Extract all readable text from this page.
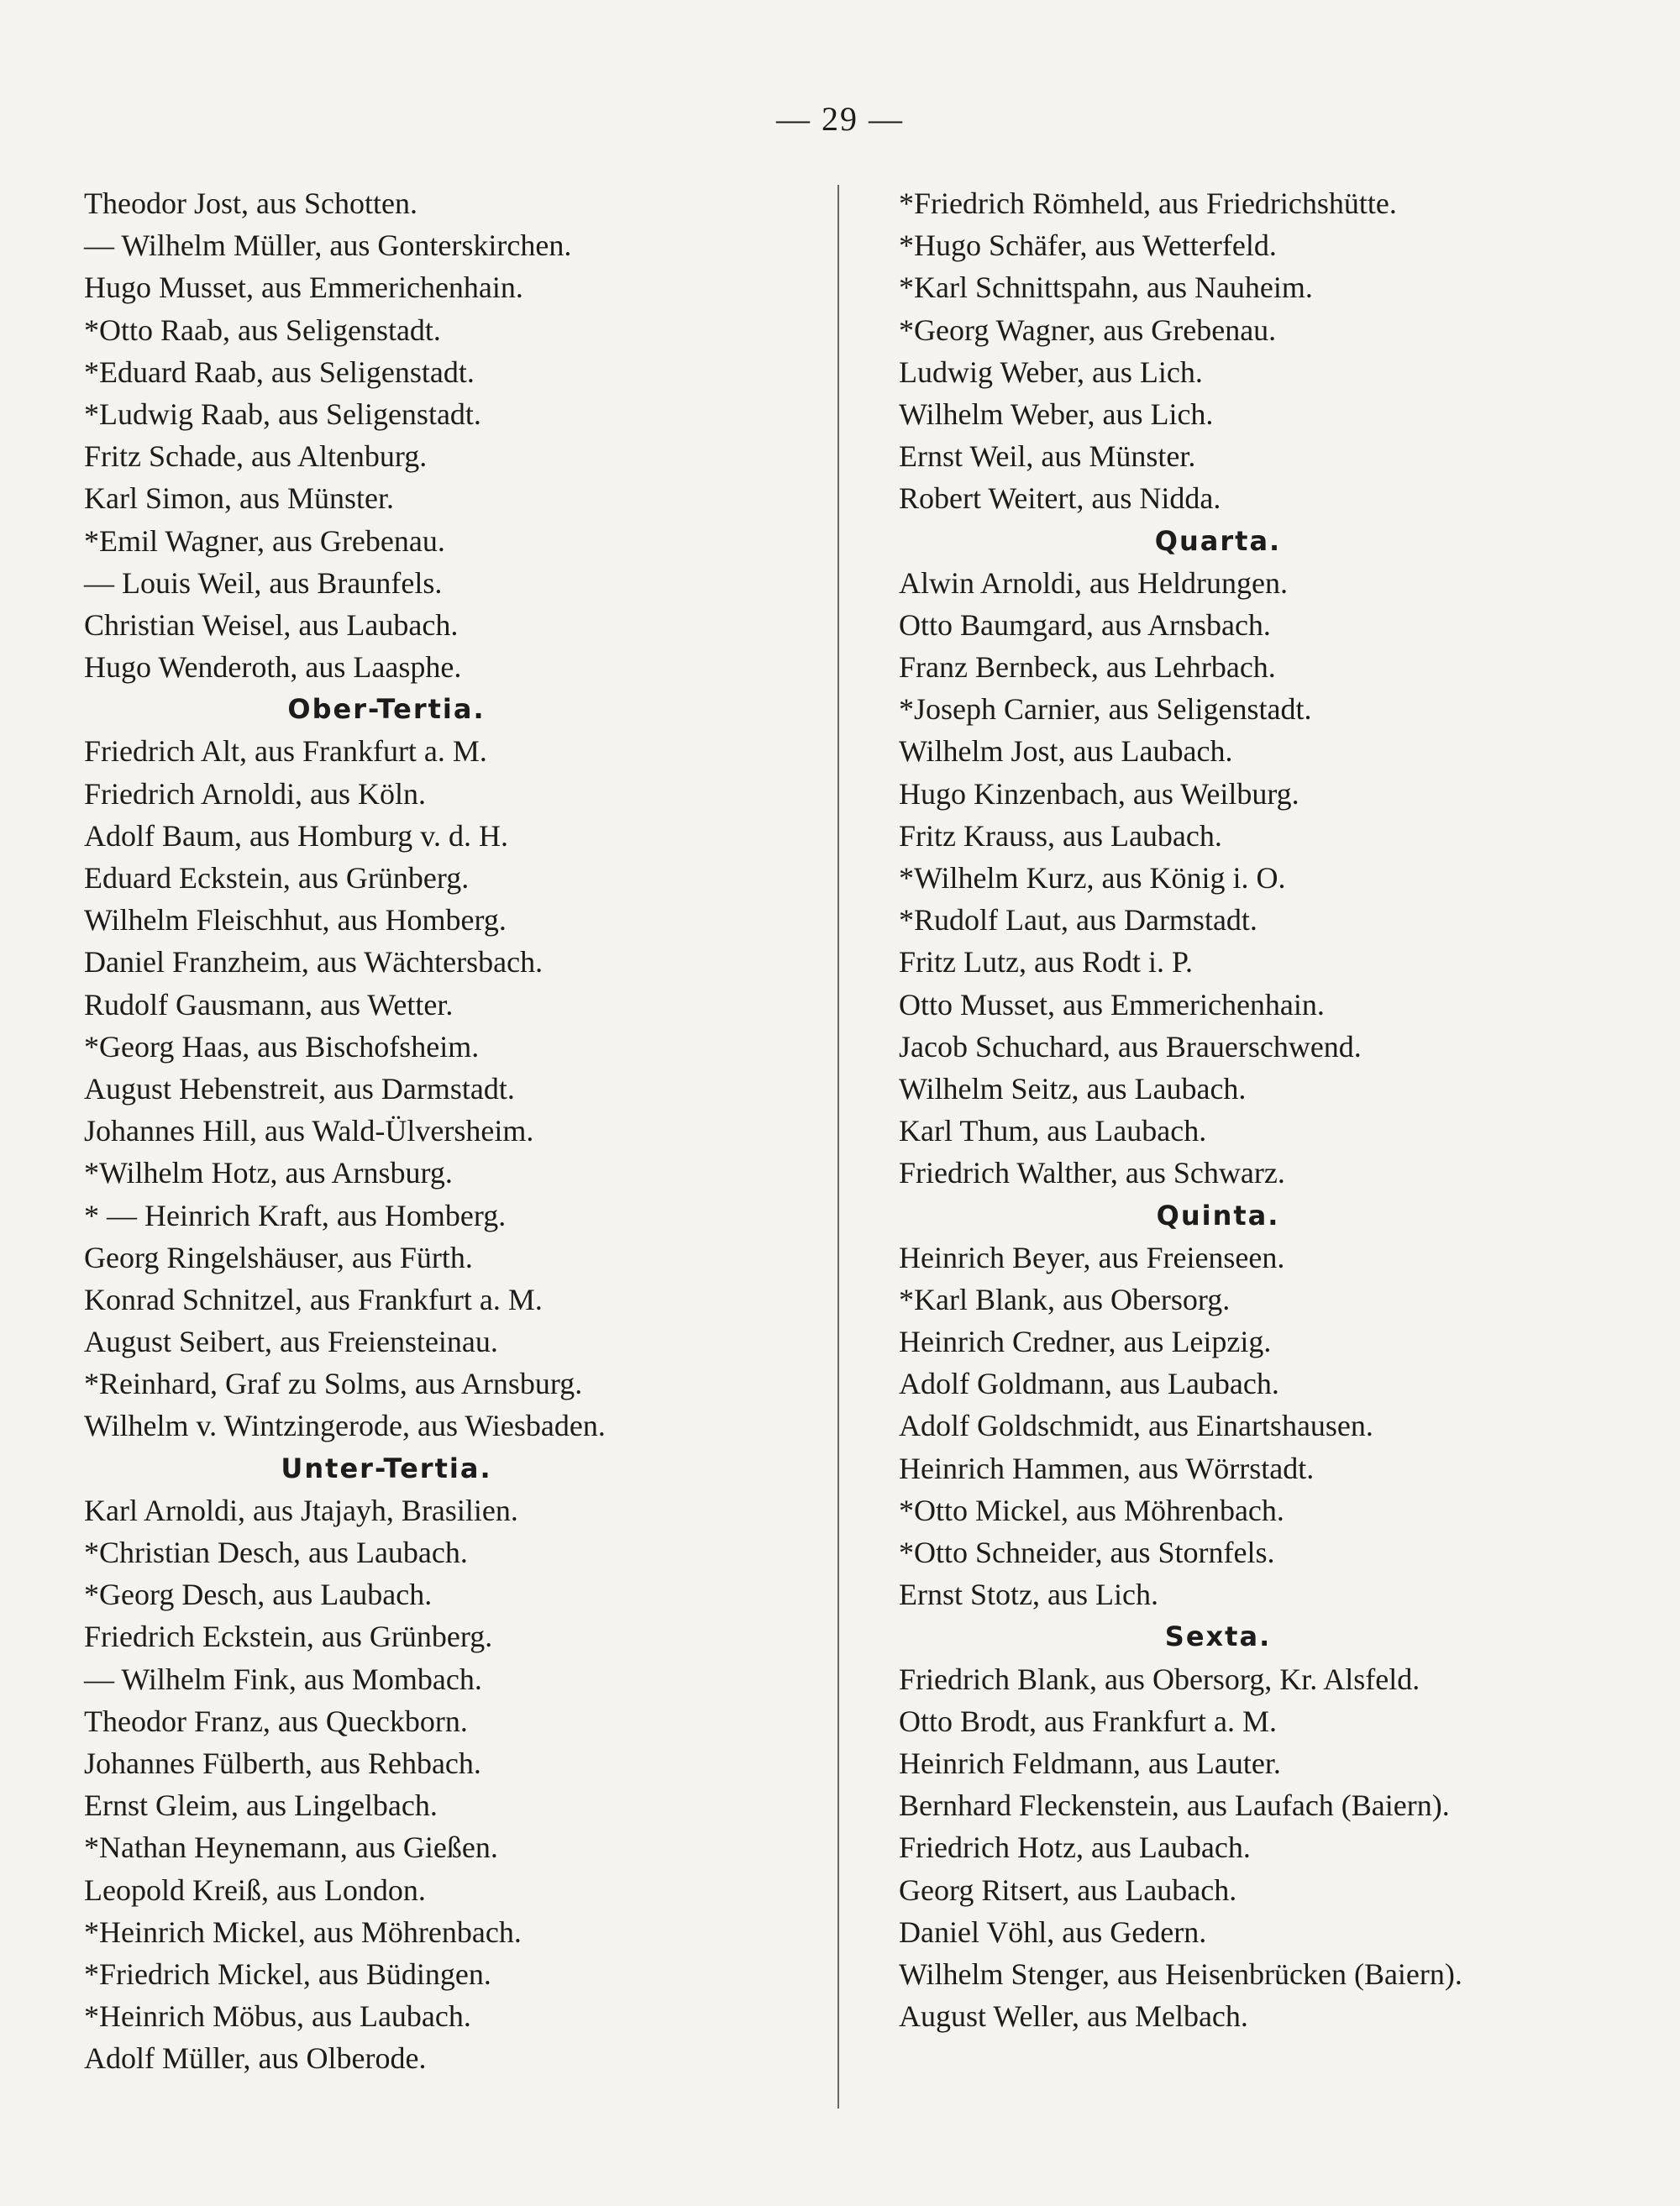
— 29 —
Theodor Jost, aus Schotten.
— Wilhelm Müller, aus Gonterskirchen.
Hugo Musset, aus Emmerichenhain.
*Otto Raab, aus Seligenstadt.
*Eduard Raab, aus Seligenstadt.
*Ludwig Raab, aus Seligenstadt.
Fritz Schade, aus Altenburg.
Karl Simon, aus Münster.
*Emil Wagner, aus Grebenau.
— Louis Weil, aus Braunfels.
Christian Weisel, aus Laubach.
Hugo Wenderoth, aus Laasphe.
Ober-Tertia.
Friedrich Alt, aus Frankfurt a. M.
Friedrich Arnoldi, aus Köln.
Adolf Baum, aus Homburg v. d. H.
Eduard Eckstein, aus Grünberg.
Wilhelm Fleischhut, aus Homberg.
Daniel Franzheim, aus Wächtersbach.
Rudolf Gausmann, aus Wetter.
*Georg Haas, aus Bischofsheim.
August Hebenstreit, aus Darmstadt.
Johannes Hill, aus Wald-Ülversheim.
*Wilhelm Hotz, aus Arnsburg.
* — Heinrich Kraft, aus Homberg.
Georg Ringelshäuser, aus Fürth.
Konrad Schnitzel, aus Frankfurt a. M.
August Seibert, aus Freiensteinau.
*Reinhard, Graf zu Solms, aus Arnsburg.
Wilhelm v. Wintzingerode, aus Wiesbaden.
Unter-Tertia.
Karl Arnoldi, aus Jtajayh, Brasilien.
*Christian Desch, aus Laubach.
*Georg Desch, aus Laubach.
Friedrich Eckstein, aus Grünberg.
— Wilhelm Fink, aus Mombach.
Theodor Franz, aus Queckborn.
Johannes Fülberth, aus Rehbach.
Ernst Gleim, aus Lingelbach.
*Nathan Heynemann, aus Gießen.
Leopold Kreiß, aus London.
*Heinrich Mickel, aus Möhrenbach.
*Friedrich Mickel, aus Büdingen.
*Heinrich Möbus, aus Laubach.
Adolf Müller, aus Olberode.
*Friedrich Römheld, aus Friedrichshütte.
*Hugo Schäfer, aus Wetterfeld.
*Karl Schnittspahn, aus Nauheim.
*Georg Wagner, aus Grebenau.
Ludwig Weber, aus Lich.
Wilhelm Weber, aus Lich.
Ernst Weil, aus Münster.
Robert Weitert, aus Nidda.
Quarta.
Alwin Arnoldi, aus Heldrungen.
Otto Baumgard, aus Arnsbach.
Franz Bernbeck, aus Lehrbach.
*Joseph Carnier, aus Seligenstadt.
Wilhelm Jost, aus Laubach.
Hugo Kinzenbach, aus Weilburg.
Fritz Krauss, aus Laubach.
*Wilhelm Kurz, aus König i. O.
*Rudolf Laut, aus Darmstadt.
Fritz Lutz, aus Rodt i. P.
Otto Musset, aus Emmerichenhain.
Jacob Schuchard, aus Brauerschwend.
Wilhelm Seitz, aus Laubach.
Karl Thum, aus Laubach.
Friedrich Walther, aus Schwarz.
Quinta.
Heinrich Beyer, aus Freienseen.
*Karl Blank, aus Obersorg.
Heinrich Credner, aus Leipzig.
Adolf Goldmann, aus Laubach.
Adolf Goldschmidt, aus Einartshausen.
Heinrich Hammen, aus Wörrstadt.
*Otto Mickel, aus Möhrenbach.
*Otto Schneider, aus Stornfels.
Ernst Stotz, aus Lich.
Sexta.
Friedrich Blank, aus Obersorg, Kr. Alsfeld.
Otto Brodt, aus Frankfurt a. M.
Heinrich Feldmann, aus Lauter.
Bernhard Fleckenstein, aus Laufach (Baiern).
Friedrich Hotz, aus Laubach.
Georg Ritsert, aus Laubach.
Daniel Vöhl, aus Gedern.
Wilhelm Stenger, aus Heisenbrücken (Baiern).
August Weller, aus Melbach.
